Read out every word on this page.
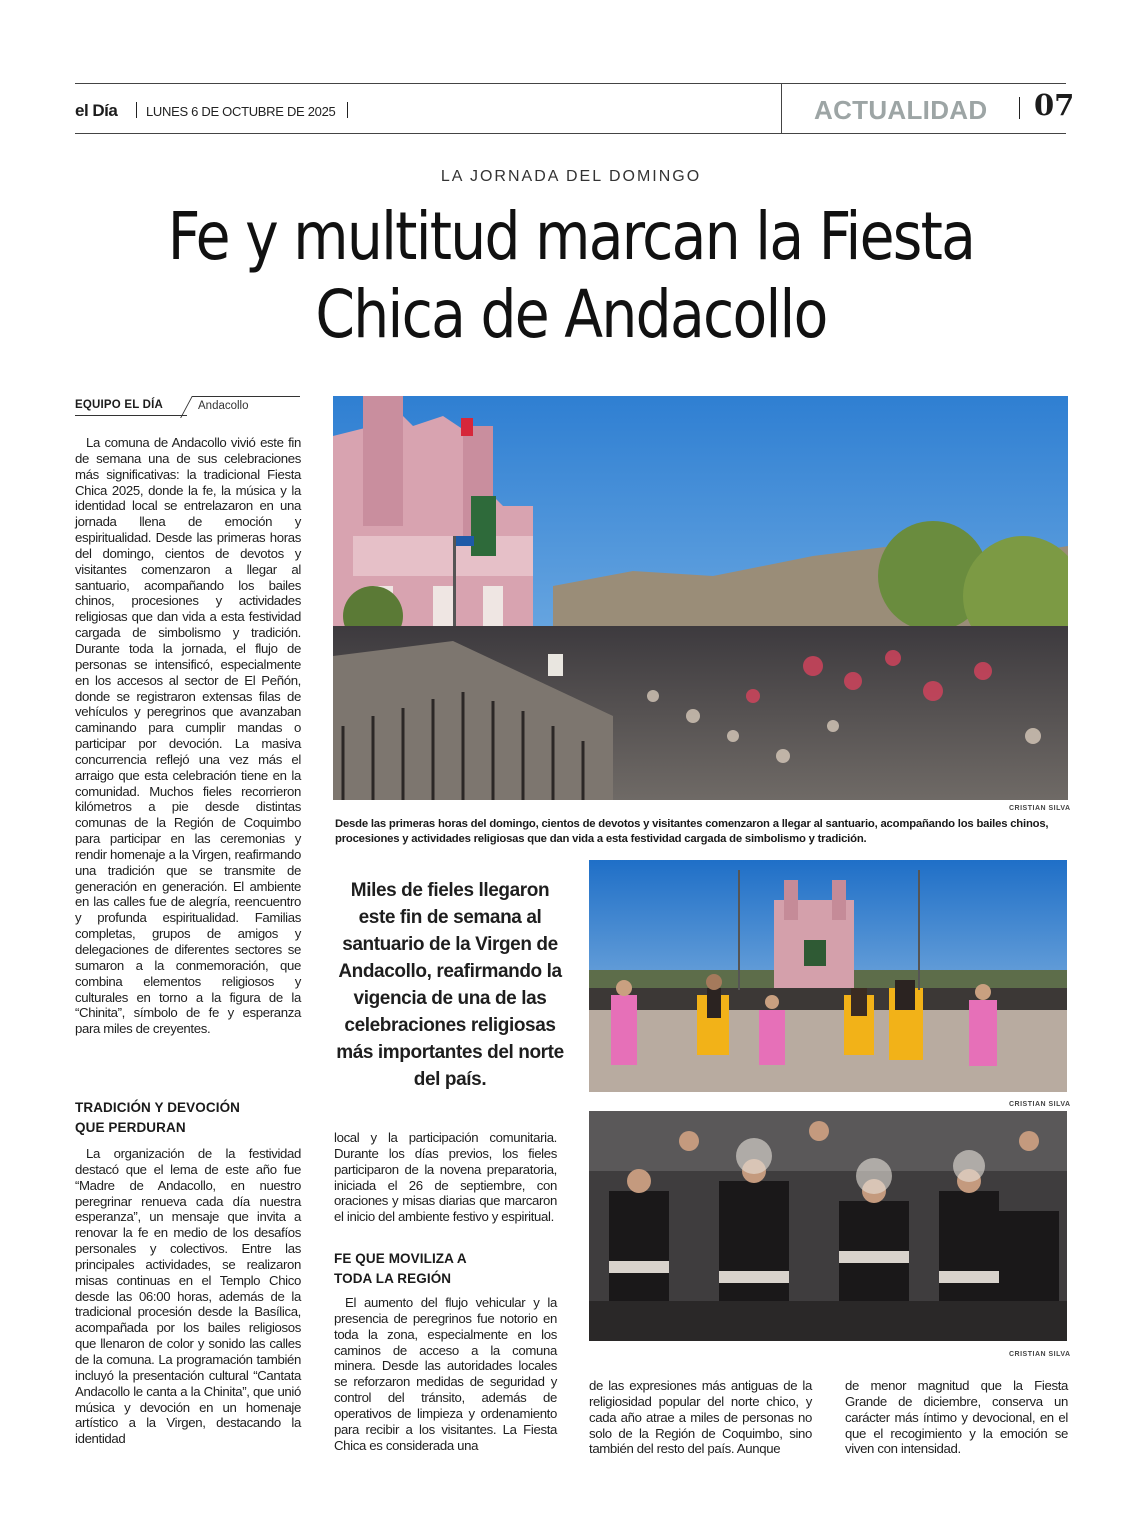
el Día LUNES 6 DE OCTUBRE DE 2025	ACTUALIDAD 07
LA JORNADA DEL DOMINGO
Fe y multitud marcan la Fiesta Chica de Andacollo
EQUIPO EL DÍA	Andacollo

La comuna de Andacollo vivió este fin de semana una de sus celebraciones más significativas: la tradicional Fiesta Chica 2025, donde la fe, la música y la identidad local se entrelazaron en una jornada llena de emoción y espiritualidad. Desde las primeras horas del domingo, cientos de devotos y visitantes comenzaron a llegar al santuario, acompañando los bailes chinos, procesiones y actividades religiosas que dan vida a esta festividad cargada de simbolismo y tradición. Durante toda la jornada, el flujo de personas se intensificó, especialmente en los accesos al sector de El Peñón, donde se registraron extensas filas de vehículos y peregrinos que avanzaban caminando para cumplir mandas o participar por devoción. La masiva concurrencia reflejó una vez más el arraigo que esta celebración tiene en la comunidad. Muchos fieles recorrieron kilómetros a pie desde distintas comunas de la Región de Coquimbo para participar en las ceremonias y rendir homenaje a la Virgen, reafirmando una tradición que se transmite de generación en generación. El ambiente en las calles fue de alegría, reencuentro y profunda espiritualidad. Familias completas, grupos de amigos y delegaciones de diferentes sectores se sumaron a la conmemoración, que combina elementos religiosos y culturales en torno a la figura de la “Chinita”, símbolo de fe y esperanza para miles de creyentes.

TRADICIÓN Y DEVOCIÓN
QUE PERDURAN

La organización de la festividad destacó que el lema de este año fue “Madre de Andacollo, en nuestro peregrinar renueva cada día nuestra esperanza”, un mensaje que invita a renovar la fe en medio de los desafíos personales y colectivos. Entre las principales actividades, se realizaron misas continuas en el Templo Chico desde las 06:00 horas, además de la tradicional procesión desde la Basílica, acompañada por los bailes religiosos que llenaron de color y sonido las calles de la comuna. La programación también incluyó la presentación cultural “Cantata Andacollo le canta a la Chinita”, que unió música y devoción en un homenaje artístico a la Virgen, destacando la identidad

CRISTIAN SILVA
Desde las primeras horas del domingo, cientos de devotos y visitantes comenzaron a llegar al santuario, acompañando los bailes chinos, procesiones y actividades religiosas que dan vida a esta festividad cargada de simbolismo y tradición.
Miles de fieles llegaron este fin de semana al santuario de la Virgen de Andacollo, reafirmando la vigencia de una de las celebraciones religiosas más importantes del norte del país.
CRISTIAN SILVA
CRISTIAN SILVA

local y la participación comunitaria. Durante los días previos, los fieles participaron de la novena preparatoria, iniciada el 26 de septiembre, con oraciones y misas diarias que marcaron el inicio del ambiente festivo y espiritual.

FE QUE MOVILIZA A
TODA LA REGIÓN

El aumento del flujo vehicular y la presencia de peregrinos fue notorio en toda la zona, especialmente en los caminos de acceso a la comuna minera. Desde las autoridades locales se reforzaron medidas de seguridad y control del tránsito, además de operativos de limpieza y ordenamiento para recibir a los visitantes. La Fiesta Chica es considerada una

de las expresiones más antiguas de la religiosidad popular del norte chico, y cada año atrae a miles de personas no solo de la Región de Coquimbo, sino también del resto del país. Aunque

de menor magnitud que la Fiesta Grande de diciembre, conserva un carácter más íntimo y devocional, en el que el recogimiento y la emoción se viven con intensidad.
